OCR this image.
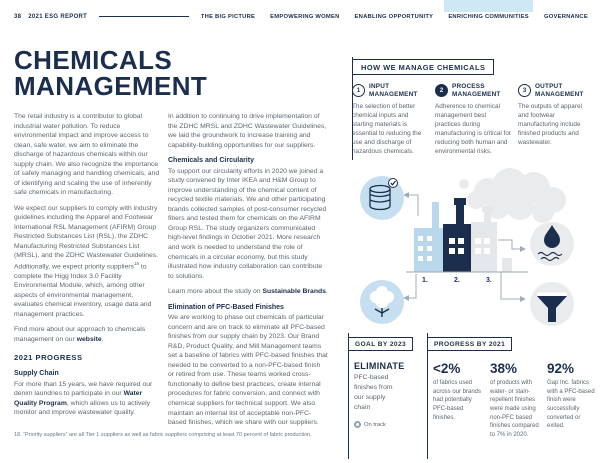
38 2021 ESG REPORT	THE BIG PICTURE	EMPOWERING WOMEN	ENABLING OPPORTUNITY	ENRICHING COMMUNITIES	GOVERNANCE
CHEMICALS
MANAGEMENT

The retail industry is a contributor to global industrial water pollution. To reduce environmental impact and improve access to clean, safe water, we aim to eliminate the discharge of hazardous chemicals within our supply chain. We also recognize the importance of safely managing and handling chemicals, and of identifying and scaling the use of inherently safe chemicals in manufacturing.

We expect our suppliers to comply with industry guidelines including the Apparel and Footwear International RSL Management (AFIRM) Group Restricted Substances List (RSL), the ZDHC Manufacturing Restricted Substances List (MRSL), and the ZDHC Wastewater Guidelines. Additionally, we expect priority suppliers$^{18}$ to complete the Higg Index 3.0 Facility Environmental Module, which, among other aspects of environmental management, evaluates chemical inventory, usage data and management practices.

Find more about our approach to chemicals management on our website.

2021 PROGRESS
Supply Chain

For more than 15 years, we have required our denim laundries to participate in our Water Quality Program, which allows us to actively monitor and improve wastewater quality.

In addition to continuing to drive implementation of the ZDHC MRSL and ZDHC Wastewater Guidelines, we laid the groundwork to increase training and capability-building opportunities for our suppliers.

Chemicals and Circularity

To support our circularity efforts in 2020 we joined a study convened by Inter IKEA and H&M Group to improve understanding of the chemical content of recycled textile materials. We and other participating brands collected samples of post-consumer recycled fibers and tested them for chemicals on the AFIRM Group RSL. The study organizers communicated high-level findings in October 2021. More research and work is needed to understand the role of chemicals in a circular economy, but this study illustrated how industry collaboration can contribute to solutions.

Learn more about the study on Sustainable Brands.

Elimination of PFC-Based Finishes

We are working to phase out chemicals of particular concern and are on track to eliminate all PFC-based finishes from our supply chain by 2023. Our Brand R&D, Product Quality, and Mill Management teams set a baseline of fabrics with PFC-based finishes that needed to be converted to a non-PFC-based finish or retired from use. These teams worked cross-functionally to define best practices, create internal procedures for fabric conversion, and connect with chemical suppliers for technical support. We also maintain an internal list of acceptable non-PFC-based finishes, which we share with our suppliers.

18. “Priority suppliers” are all Tier 1 suppliers as well as fabric suppliers comprising at least 70 percent of fabric production.
HOW WE MANAGE CHEMICALS
1
INPUT MANAGEMENT
The selection of better chemical inputs and starting materials is essential to reducing the use and discharge of hazardous chemicals.
2
PROCESS MANAGEMENT
Adherence to chemical management best practices during manufacturing is critical for reducing both human and environmental risks.
3
OUTPUT MANAGEMENT
The outputs of apparel and footwear manufacturing include finished products and wastewater.
1.	2.	3.
GOAL BY 2023
ELIMINATE
PFC-based finishes from our supply chain
On track
PROGRESS BY 2021
<2%
of fabrics used across our brands had potentially PFC-based finishes.
38%
of products with water- or stain-repellent finishes were made using non-PFC based finishes compared to 7% in 2020.
92%
Gap Inc. fabrics with a PFC-based finish were successfully converted or exited.
